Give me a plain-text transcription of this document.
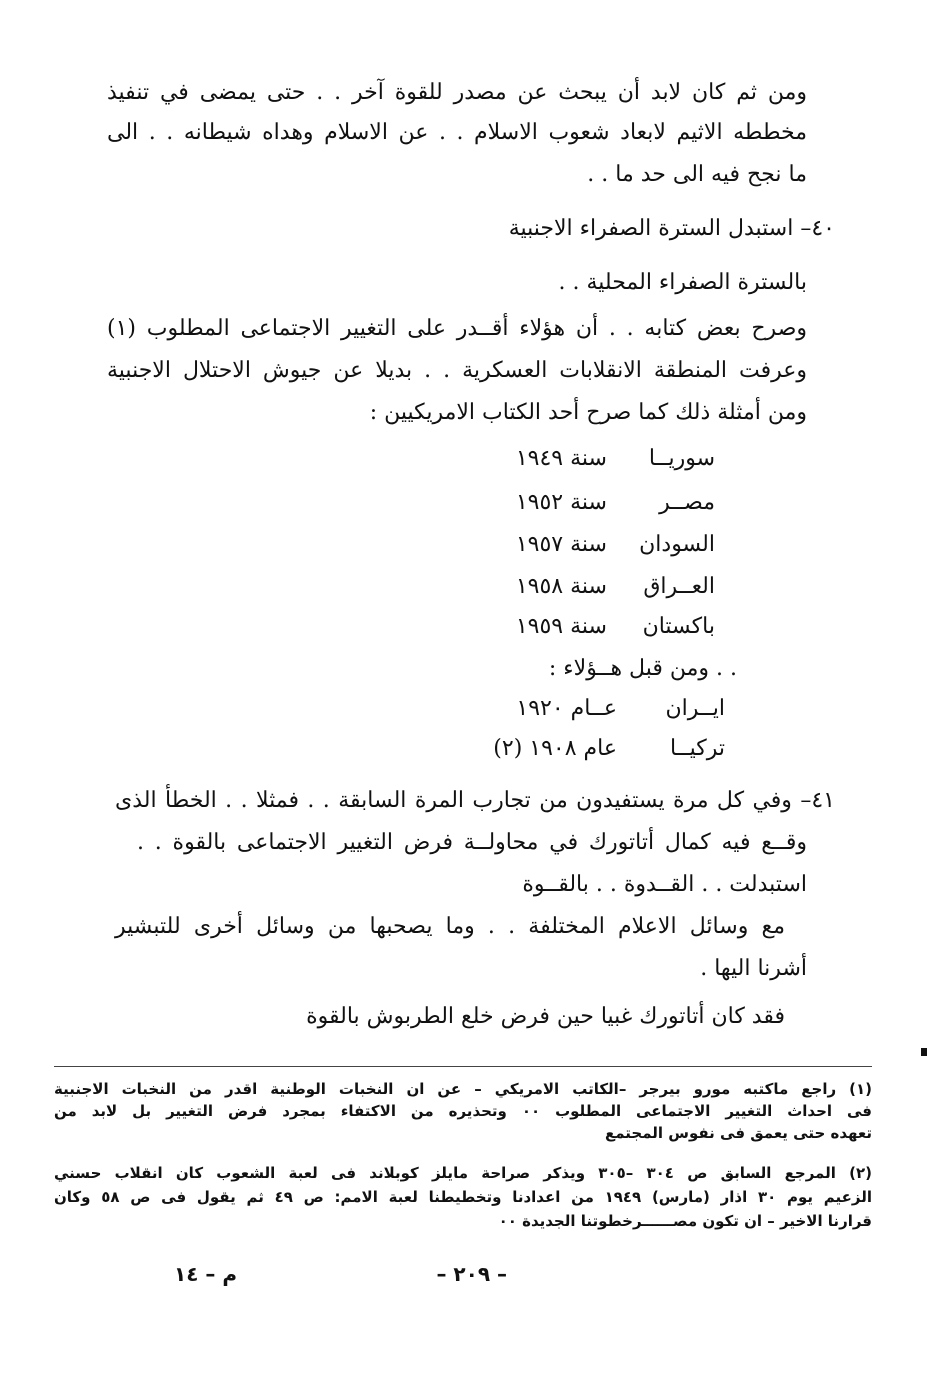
ومن ثم كان لابد أن يبحث عن مصدر للقوة آخر . . حتى يمضى في تنفيذ
مخططه الاثيم لابعاد شعوب الاسلام . . عن الاسلام وهداه شيطانه . . الى
ما نجح فيه الى حد ما . .
٤٠– استبدل السترة الصفراء الاجنبية
بالسترة الصفراء المحلية . .
وصرح بعض كتابه . . أن هؤلاء أقــدر على التغيير الاجتماعى المطلوب (١)
وعرفت المنطقة الانقلابات العسكرية . . بديلا عن جيوش الاحتلال الاجنبية
ومن أمثلة ذلك كما صرح أحد الكتاب الامريكيين :
سوريــا
سنة ١٩٤٩
مصــر
سنة ١٩٥٢
السودان
سنة ١٩٥٧
العــراق
سنة ١٩٥٨
باكستان
سنة ١٩٥٩
. . ومن قبل هــؤلاء :
ايــران
عــام ١٩٢٠
تركيــا
عام ١٩٠٨ (٢)
٤١– وفي كل مرة يستفيدون من تجارب المرة السابقة . . فمثلا . . الخطأ الذى
وقــع فيه كمال أتاتورك في محاولــة فرض التغيير الاجتماعى بالقوة . .
استبدلت . . القــدوة . . بالقــوة
مع وسائل الاعلام المختلفة . . وما يصحبها من وسائل أخرى للتبشير
أشرنا اليها .
فقد كان أتاتورك غبيا حين فرض خلع الطربوش بالقوة
(١) راجع ماكتبه مورو بيرجر –الكاتب الامريكي – عن ان النخبات الوطنية اقدر من النخبات الاجنبية
فى احداث التغيير الاجتماعى المطلوب ٠٠ وتحذيره من الاكتفاء بمجرد فرض التغيير بل لابد من
تعهده حتى يعمق فى نفوس المجتمع
(٢) المرجع السابق ص ٣٠٤ –٣٠٥ ويذكر صراحة مايلز كوبلاند فى لعبة الشعوب كان انقلاب حسني
الزعيم يوم ٣٠ اذار (مارس) ١٩٤٩ من اعدادنا وتخطيطنا لعبة الامم: ص ٤٩ ثم يقول فى ص ٥٨ وكان
قرارنا الاخير – ان تكون مصــــــرخطوتنا الجديدة ٠٠
– ٢٠٩ –
م – ١٤
